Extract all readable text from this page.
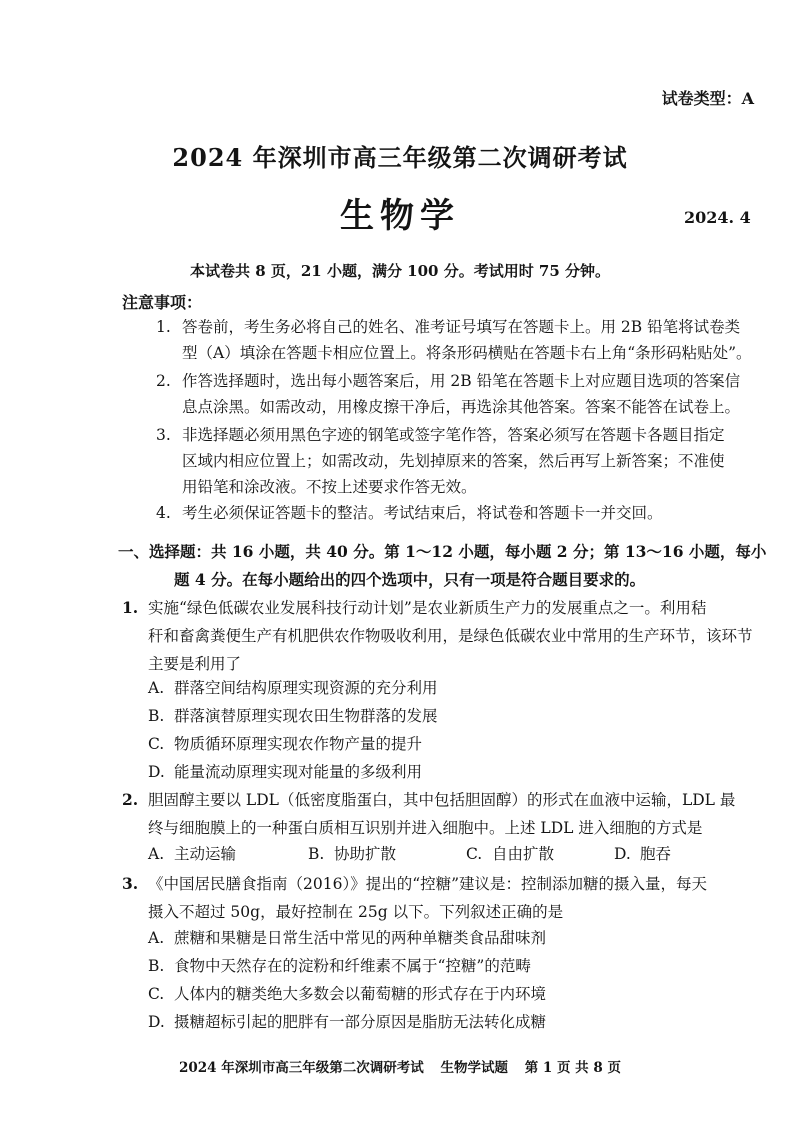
试卷类型：A
2024 年深圳市高三年级第二次调研考试
生物学	2024. 4
本试卷共 8 页，21 小题，满分 100 分。考试用时 75 分钟。
注意事项：
1. 答卷前，考生务必将自己的姓名、准考证号填写在答题卡上。用 2B 铅笔将试卷类
型（A）填涂在答题卡相应位置上。将条形码横贴在答题卡右上角“条形码粘贴处”。
2. 作答选择题时，选出每小题答案后，用 2B 铅笔在答题卡上对应题目选项的答案信
息点涂黑。如需改动，用橡皮擦干净后，再选涂其他答案。答案不能答在试卷上。
3. 非选择题必须用黑色字迹的钢笔或签字笔作答，答案必须写在答题卡各题目指定
区域内相应位置上；如需改动，先划掉原来的答案，然后再写上新答案；不准使
用铅笔和涂改液。不按上述要求作答无效。
4. 考生必须保证答题卡的整洁。考试结束后，将试卷和答题卡一并交回。
一、选择题：共 16 小题，共 40 分。第 1～12 小题，每小题 2 分；第 13～16 小题，每小
题 4 分。在每小题给出的四个选项中，只有一项是符合题目要求的。
1. 实施“绿色低碳农业发展科技行动计划”是农业新质生产力的发展重点之一。利用秸
秆和畜禽粪便生产有机肥供农作物吸收利用，是绿色低碳农业中常用的生产环节，该环节
主要是利用了
A. 群落空间结构原理实现资源的充分利用
B. 群落演替原理实现农田生物群落的发展
C. 物质循环原理实现农作物产量的提升
D. 能量流动原理实现对能量的多级利用
2. 胆固醇主要以 LDL（低密度脂蛋白，其中包括胆固醇）的形式在血液中运输，LDL 最
终与细胞膜上的一种蛋白质相互识别并进入细胞中。上述 LDL 进入细胞的方式是
A. 主动运输	B. 协助扩散	C. 自由扩散	D. 胞吞
3. 《中国居民膳食指南（2016）》提出的“控糖”建议是：控制添加糖的摄入量，每天
摄入不超过 50g，最好控制在 25g 以下。下列叙述正确的是
A. 蔗糖和果糖是日常生活中常见的两种单糖类食品甜味剂
B. 食物中天然存在的淀粉和纤维素不属于“控糖”的范畴
C. 人体内的糖类绝大多数会以葡萄糖的形式存在于内环境
D. 摄糖超标引起的肥胖有一部分原因是脂肪无法转化成糖
2024 年深圳市高三年级第二次调研考试 生物学试题 第 1 页 共 8 页
